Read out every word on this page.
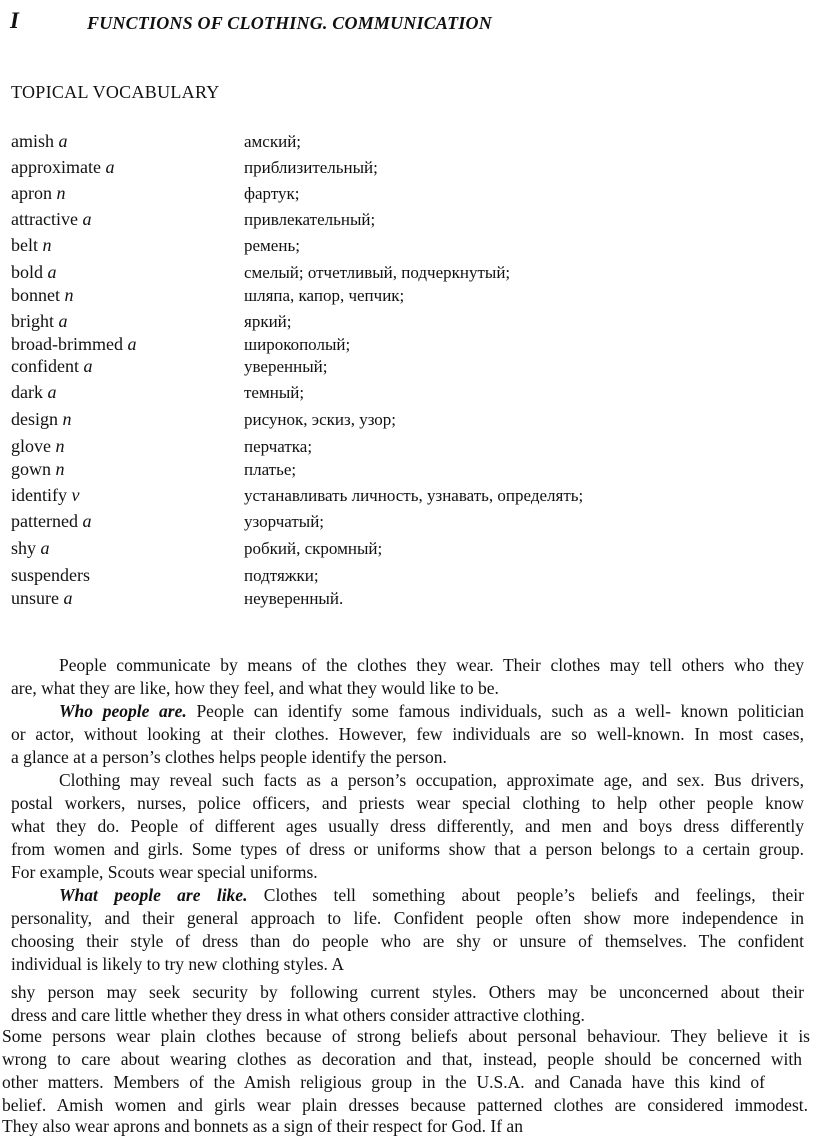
I	FUNCTIONS OF CLOTHING. COMMUNICATION
TOPICAL VOCABULARY
amish a	амский;
approximate a	приблизительный;
apron n	фартук;
attractive a	привлекательный;
belt n	ремень;
bold a	смелый; отчетливый, подчеркнутый;
bonnet n	шляпа, капор, чепчик;
bright a	яркий;
broad-brimmed a	широкополый;
confident a	уверенный;
dark a	темный;
design n	рисунок, эскиз, узор;
glove n	перчатка;
gown n	платье;
identify v	устанавливать личность, узнавать, определять;
patterned a	узорчатый;
shy a	робкий, скромный;
suspenders	подтяжки;
unsure a	неуверенный.
People communicate by means of the clothes they wear. Their clothes may tell others who they
are, what they are like, how they feel, and what they would like to be.
Who people are. People can identify some famous individuals, such as a well- known politician
or actor, without looking at their clothes. However, few individuals are so well-known. In most cases,
a glance at a person’s clothes helps people identify the person.
Clothing may reveal such facts as a person’s occupation, approximate age, and sex. Bus drivers,
postal workers, nurses, police officers, and priests wear special clothing to help other people know
what they do. People of different ages usually dress differently, and men and boys dress differently
from women and girls. Some types of dress or uniforms show that a person belongs to a certain group.
For example, Scouts wear special uniforms.
What people are like. Clothes tell something about people’s beliefs and feelings, their
personality, and their general approach to life. Confident people often show more independence in
choosing their style of dress than do people who are shy or unsure of themselves. The confident
individual is likely to try new clothing styles. A
shy person may seek security by following current styles. Others may be unconcerned about their
dress and care little whether they dress in what others consider attractive clothing.
Some persons wear plain clothes because of strong beliefs about personal behaviour. They believe it is
wrong to care about wearing clothes as decoration and that, instead, people should be concerned with
other matters. Members of the Amish religious group in the U.S.A. and Canada have this kind of
belief. Amish women and girls wear plain dresses because patterned clothes are considered immodest.
They also wear aprons and bonnets as a sign of their respect for God. If an
